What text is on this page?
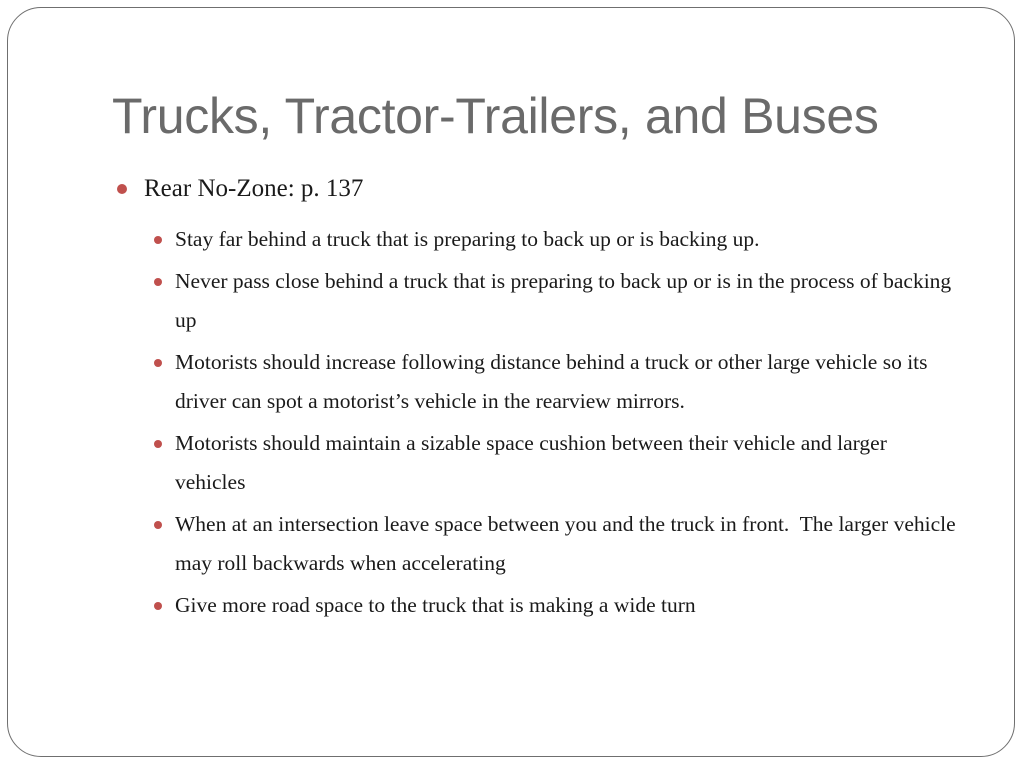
Trucks, Tractor-Trailers, and Buses
Rear No-Zone: p. 137
Stay far behind a truck that is preparing to back up or is backing up.
Never pass close behind a truck that is preparing to back up or is in the process of backing up
Motorists should increase following distance behind a truck or other large vehicle so its driver can spot a motorist’s vehicle in the rearview mirrors.
Motorists should maintain a sizable space cushion between their vehicle and larger vehicles
When at an intersection leave space between you and the truck in front.  The larger vehicle may roll backwards when accelerating
Give more road space to the truck that is making a wide turn
